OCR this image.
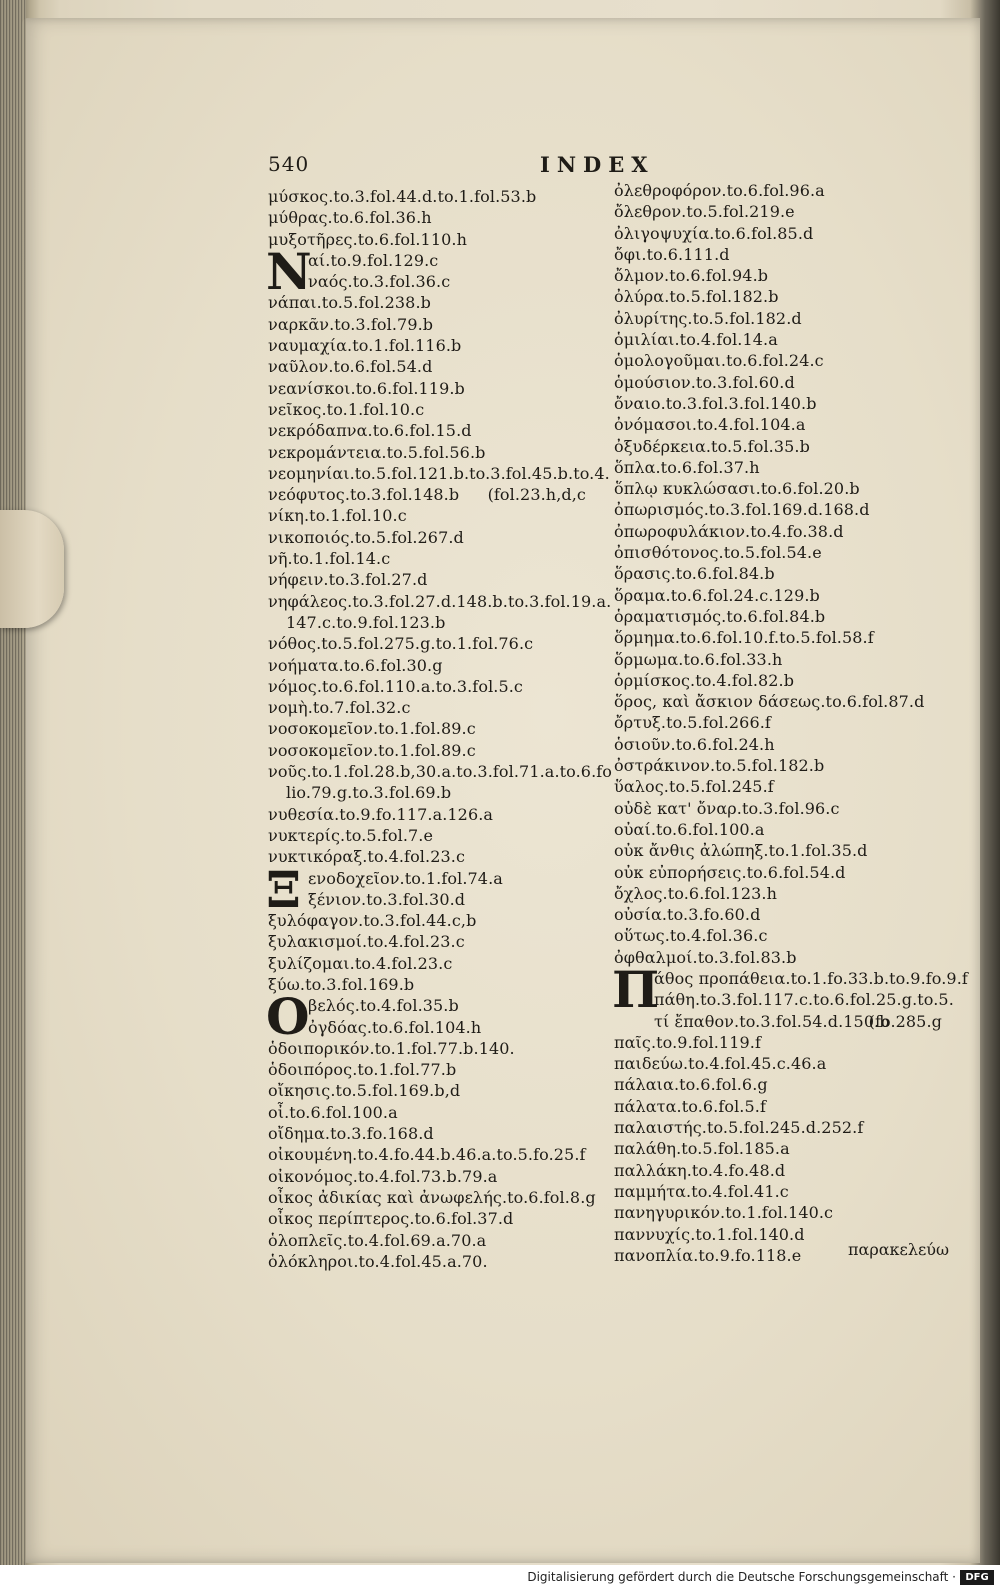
540	INDEX
μύσκος.to.3.fol.44.d.to.1.fol.53.b
μύθρας.to.6.fol.36.h
μυξοτῆρες.to.6.fol.110.h
N
αί.to.9.fol.129.c
ναός.to.3.fol.36.c
νάπαι.to.5.fol.238.b
ναρκᾶν.to.3.fol.79.b
ναυμαχία.to.1.fol.116.b
ναῦλον.to.6.fol.54.d
νεανίσκοι.to.6.fol.119.b
νεῖκος.to.1.fol.10.c
νεκρόδαπνα.to.6.fol.15.d
νεκρομάντεια.to.5.fol.56.b
νεομηνίαι.to.5.fol.121.b.to.3.fol.45.b.to.4.
νεόφυτος.to.3.fol.148.b (fol.23.h,d,c
νίκη.to.1.fol.10.c
νικοποιός.to.5.fol.267.d
νῆ.to.1.fol.14.c
νήφειν.to.3.fol.27.d
νηφάλεος.to.3.fol.27.d.148.b.to.3.fol.19.a.
147.c.to.9.fol.123.b
νόθος.to.5.fol.275.g.to.1.fol.76.c
νοήματα.to.6.fol.30.g
νόμος.to.6.fol.110.a.to.3.fol.5.c
νομὴ.to.7.fol.32.c
νοσοκομεῖον.to.1.fol.89.c
νοσοκομεῖον.to.1.fol.89.c
νοῦς.to.1.fol.28.b,30.a.to.3.fol.71.a.to.6.fo
lio.79.g.to.3.fol.69.b
νυθεσία.to.9.fo.117.a.126.a
νυκτερίς.to.5.fol.7.e
νυκτικόραξ.to.4.fol.23.c
Ξ ενοδοχεῖον.to.1.fol.74.a
ξένιον.to.3.fol.30.d
ξυλόφαγον.to.3.fol.44.c,b
ξυλακισμοί.to.4.fol.23.c
ξυλίζομαι.to.4.fol.23.c
ξύω.to.3.fol.169.b
O
βελός.to.4.fol.35.b
ὀγδόας.to.6.fol.104.h
ὁδοιπορικόν.to.1.fol.77.b.140.
ὁδοιπόρος.to.1.fol.77.b
οἴκησις.to.5.fol.169.b,d
οἶ.to.6.fol.100.a
οἴδημα.to.3.fo.168.d
οἰκουμένη.to.4.fo.44.b.46.a.to.5.fo.25.f
οἰκονόμος.to.4.fol.73.b.79.a
οἶκος ἀδικίας καὶ ἀνωφελής.to.6.fol.8.g
οἶκος περίπτερος.to.6.fol.37.d
ὁλοπλεῖς.to.4.fol.69.a.70.a
ὁλόκληροι.to.4.fol.45.a.70.
ὀλεθροφόρον.to.6.fol.96.a
ὄλεθρον.to.5.fol.219.e
ὀλιγοψυχία.to.6.fol.85.d
ὄφι.to.6.111.d
ὄλμον.to.6.fol.94.b
ὀλύρα.to.5.fol.182.b
ὀλυρίτης.to.5.fol.182.d
ὁμιλίαι.to.4.fol.14.a
ὁμολογοῦμαι.to.6.fol.24.c
ὁμούσιον.to.3.fol.60.d
ὄναιο.to.3.fol.3.fol.140.b
ὀνόμασοι.to.4.fol.104.a
ὀξυδέρκεια.to.5.fol.35.b
ὅπλα.to.6.fol.37.h
ὅπλῳ κυκλώσασι.to.6.fol.20.b
ὀπωρισμός.to.3.fol.169.d.168.d
ὀπωροφυλάκιον.to.4.fo.38.d
ὀπισθότονος.to.5.fol.54.e
ὅρασις.to.6.fol.84.b
ὅραμα.to.6.fol.24.c.129.b
ὁραματισμός.to.6.fol.84.b
ὅρμημα.to.6.fol.10.f.to.5.fol.58.f
ὅρμωμα.to.6.fol.33.h
ὁρμίσκος.to.4.fol.82.b
ὅρος, καὶ ἄσκιον δάσεως.to.6.fol.87.d
ὄρτυξ.to.5.fol.266.f
ὁσιοῦν.to.6.fol.24.h
ὀστράκινον.to.5.fol.182.b
ὕαλος.to.5.fol.245.f
οὐδὲ κατ' ὄναρ.to.3.fol.96.c
οὐαί.to.6.fol.100.a
οὐκ ἄνθις ἀλώπηξ.to.1.fol.35.d
οὐκ εὐπορήσεις.to.6.fol.54.d
ὄχλος.to.6.fol.123.h
οὐσία.to.3.fo.60.d
οὕτως.to.4.fol.36.c
ὀφθαλμοί.to.3.fol.83.b
Π
άθος προπάθεια.to.1.fo.33.b.to.9.fo.9.f
πάθη.to.3.fol.117.c.to.6.fol.25.g.to.5.
τί ἔπαθον.to.3.fol.54.d.150.b
(fo.285.g
παῖς.to.9.fol.119.f
παιδεύω.to.4.fol.45.c.46.a
πάλαια.to.6.fol.6.g
πάλατα.to.6.fol.5.f
παλαιστής.to.5.fol.245.d.252.f
παλάθη.to.5.fol.185.a
παλλάκη.to.4.fo.48.d
παμμήτα.to.4.fol.41.c
πανηγυρικόν.to.1.fol.140.c
παννυχίς.to.1.fol.140.d
πανοπλία.to.9.fo.118.e	παρακελεύω
Digitalisierung gefördert durch die Deutsche Forschungsgemeinschaft · DFG
